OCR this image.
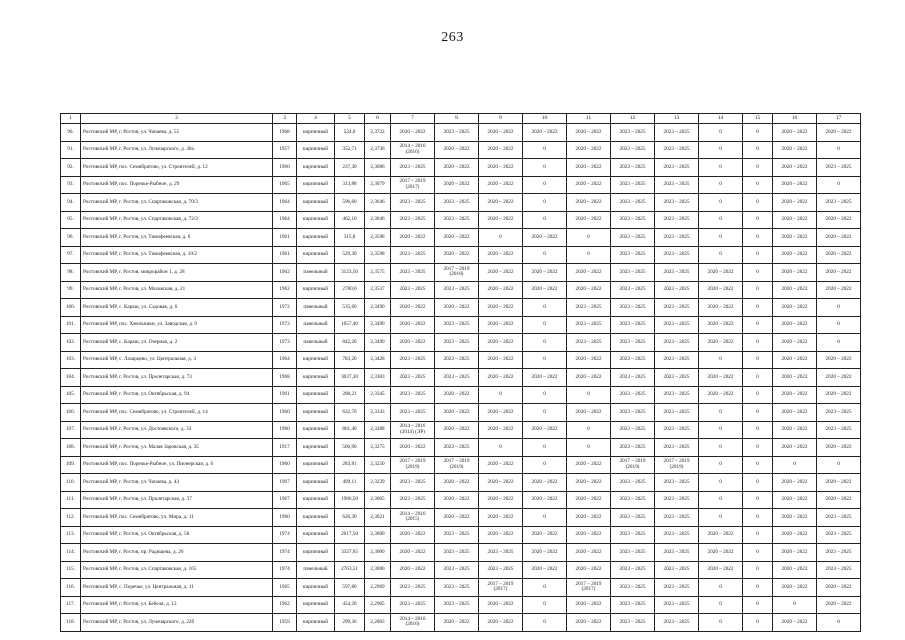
263
1	2	3	4	5	6	7	8	9	10	11	12	13	14	15	16	17
90.	Ростовский МР, г. Ростов, ул. Чапаева, д. 55	1968	кирпичный	534,0	2,3722	2020 – 2022	2023 – 2025	2020 – 2022	2020 – 2022	2020 – 2022	2023 – 2025	2023 – 2025	0	0	2020 – 2022	2020 – 2022
91.	Ростовский МР, г. Ростов, ул. Луначарского, д. 30а	1957	кирпичный	352,71	2,3736	2014 – 2016 (2016)	2020 – 2022	2020 – 2022	0	2020 – 2022	2023 – 2025	2023 – 2025	0	0	2020 – 2022	0
92.	Ростовский МР, пос. Семибратово, ул. Строителей, д. 12	1960	кирпичный	237,30	2,3686	2023 – 2025	2020 – 2022	2020 – 2022	0	2020 – 2022	2023 – 2025	2023 – 2025	0	0	2020 – 2022	2023 – 2025
93.	Ростовский МР, пос. Поречье-Рыбное, д. 29	1965	кирпичный	313,88	2,3079	2017 – 2019 (2017)	2020 – 2022	2020 – 2022	0	2020 – 2022	2023 – 2025	2023 – 2025	0	0	2020 – 2022	0
94.	Ростовский МР, г. Ростов, ул. Спартаковская, д. 70/3	1964	кирпичный	596,60	2,3646	2023 – 2025	2023 – 2025	2020 – 2022	0	2020 – 2022	2023 – 2025	2023 – 2025	0	0	2020 – 2022	2023 – 2025
95.	Ростовский МР, г. Ростов, ул. Спартаковская, д. 72/3	1964	кирпичный	462,10	2,3646	2023 – 2025	2023 – 2025	2020 – 2022	0	2020 – 2022	2023 – 2025	2023 – 2025	0	0	2020 – 2022	2020 – 2022
96.	Ростовский МР, г. Ростов, ул. Тимофеевская, д. 6	1961	кирпичный	315,8	2,3598	2020 – 2022	2020 – 2022	0	2020 – 2022	0	2023 – 2025	2023 – 2025	0	0	2020 – 2022	2020 – 2022
97.	Ростовский МР, г. Ростов, ул. Тимофеевская, д. 10/2	1961	кирпичный	529,30	2,3598	2023 – 2025	2020 – 2022	2020 – 2022	0	0	2023 – 2025	2023 – 2025	0	0	2020 – 2022	2020 – 2022
98.	Ростовский МР, г. Ростов, микрорайон 1, д. 28	1962	панельный	3123,50	2,3575	2023 – 2025	2017 – 2019 (2018)	2020 – 2022	2020 – 2022	2020 – 2022	2023 – 2025	2023 – 2025	2020 – 2022	0	2020 – 2022	2020 – 2022
99.	Ростовский МР, г. Ростов, ул. Моховская, д. 21	1962	кирпичный	2780,0	2,3537	2023 – 2025	2023 – 2025	2020 – 2022	2020 – 2022	2020 – 2022	2023 – 2025	2023 – 2025	2020 – 2022	0	2020 – 2022	2020 – 2022
100.	Ростовский МР, с. Караш, ул. Садовая, д. 6	1972	панельный	535,60	2,3490	2020 – 2022	2020 – 2022	2020 – 2022	0	2023 – 2025	2023 – 2025	2023 – 2025	2020 – 2022	0	2020 – 2022	0
101.	Ростовский МР, пос. Хмельники, ул. Заводская, д. 9	1973	панельный	1657,40	2,3490	2020 – 2022	2023 – 2025	2020 – 2022	0	2023 – 2025	2023 – 2025	2023 – 2025	2020 – 2022	0	2020 – 2022	0
102.	Ростовский МР, с. Караш, ул. Озерная, д. 2	1973	панельный	842,20	2,3490	2020 – 2022	2023 – 2025	2020 – 2022	0	2023 – 2025	2023 – 2025	2023 – 2025	2020 – 2022	0	2020 – 2022	0
103.	Ростовский МР, с. Лазарцево, ул. Центральная, д. 3	1964	кирпичный	783,20	2,3428	2023 – 2025	2023 – 2025	2020 – 2022	0	2020 – 2022	2023 – 2025	2023 – 2025	0	0	2020 – 2022	2020 – 2022
104.	Ростовский МР, г. Ростов, ул. Пролетарская, д. 73	1968	кирпичный	3037,30	2,3383	2023 – 2025	2023 – 2025	2020 – 2022	2020 – 2022	2020 – 2022	2023 – 2025	2023 – 2025	2020 – 2022	0	2020 – 2022	2020 – 2022
105.	Ростовский МР, г. Ростов, ул. Октябрьская, д. 94	1961	кирпичный	288,21	2,3345	2023 – 2025	2020 – 2022	0	0	0	2023 – 2025	2023 – 2025	2020 – 2022	0	2020 – 2022	2020 – 2022
106.	Ростовский МР, пос. Семибратово, ул. Строителей, д. 14	1960	кирпичный	632,70	2,3343	2023 – 2025	2020 – 2022	2020 – 2022	0	2020 – 2022	2023 – 2025	2023 – 2025	0	0	2020 – 2022	2023 – 2025
107.	Ростовский МР, г. Ростов, ул. Достоевского, д. 33	1960	кирпичный	861,40	2,3288	2014 – 2016 (2014) (ЭР)	2020 – 2022	2020 – 2022	2020 – 2022	0	2023 – 2025	2023 – 2025	0	0	2020 – 2022	2023 – 2025
108.	Ростовский МР, г. Ростов, ул. Малая Заровская, д. 35	1917	кирпичный	566,90	2,3275	2020 – 2022	2023 – 2025	0	0	0	2023 – 2025	2023 – 2025	0	0	2020 – 2022	2020 – 2022
109.	Ростовский МР, пос. Поречье-Рыбное, ул. Пионерская, д. 6	1960	кирпичный	283,81	2,3250	2017 – 2019 (2019)	2017 – 2019 (2019)	2020 – 2022	0	2020 – 2022	2017 – 2019 (2019)	2017 – 2019 (2019)	0	0	0	0
110.	Ростовский МР, г. Ростов, ул. Чапаева, д. 43	1967	кирпичный	499,11	2,3239	2023 – 2025	2020 – 2022	2020 – 2022	2020 – 2022	2020 – 2022	2023 – 2025	2023 – 2025	0	0	2020 – 2022	2020 – 2022
111.	Ростовский МР, г. Ростов, ул. Пролетарская, д. 37	1967	кирпичный	1986,50	2,3065	2023 – 2025	2020 – 2022	2020 – 2022	2020 – 2022	2020 – 2022	2023 – 2025	2023 – 2025	0	0	2020 – 2022	2020 – 2022
112.	Ростовский МР, пос. Семибратово, ул. Мира, д. 11	1960	кирпичный	626,30	2,3021	2014 – 2016 (2015)	2020 – 2022	2020 – 2022	0	2020 – 2022	2023 – 2025	2023 – 2025	0	0	2020 – 2022	2023 – 2025
113.	Ростовский МР, г. Ростов, ул. Октябрьская, д. 58	1974	кирпичный	2617,50	2,3000	2020 – 2022	2023 – 2025	2020 – 2022	2020 – 2022	2020 – 2022	2023 – 2025	2023 – 2025	2020 – 2022	0	2020 – 2022	2023 – 2025
114.	Ростовский МР, г. Ростов, пр. Радищева, д. 26	1974	кирпичный	3337,65	2,3000	2020 – 2022	2023 – 2025	2023 – 2025	2020 – 2022	2020 – 2022	2023 – 2025	2023 – 2025	2020 – 2022	0	2020 – 2022	2023 – 2025
115.	Ростовский МР, г. Ростов, ул. Спартаковская, д. 165	1974	панельный	2763,51	2,3000	2020 – 2022	2023 – 2025	2023 – 2025	2020 – 2022	2020 – 2022	2023 – 2025	2023 – 2025	2020 – 2022	0	2020 – 2022	2023 – 2025
116.	Ростовский МР, с. Поречье, ул. Центральная, д. 11	1965	кирпичный	597,80	2,2969	2023 – 2025	2023 – 2025	2017 – 2019 (2017)	0	2017 – 2019 (2017)	2023 – 2025	2023 – 2025	0	0	2020 – 2022	2020 – 2022
117.	Ростовский МР, г. Ростов, ул. Бебеля, д. 12	1962	кирпичный	454,20	2,2905	2023 – 2025	2023 – 2025	2020 – 2022	0	2020 – 2022	2023 – 2025	2023 – 2025	0	0	0	2020 – 2022
118.	Ростовский МР, г. Ростов, ул. Луначарского, д. 22б	1959	кирпичный	299,36	2,2803	2014 – 2016 (2016)	2020 – 2022	2020 – 2022	0	2020 – 2022	2023 – 2025	2023 – 2025	0	0	2020 – 2022	0
